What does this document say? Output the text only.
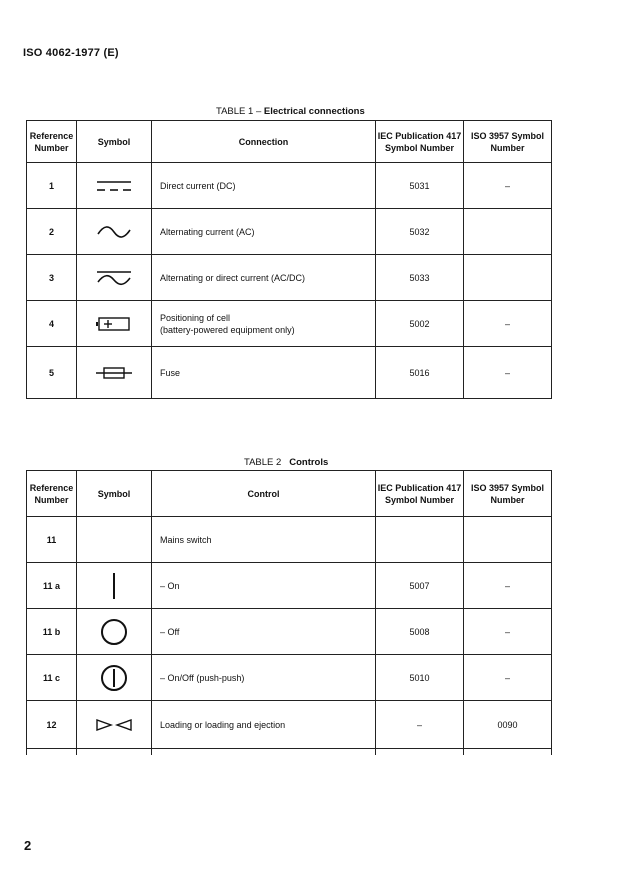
ISO 4062-1977 (E)
TABLE 1 – Electrical connections
Reference Number	Symbol	Connection	IEC Publication 417 Symbol Number	ISO 3957 Symbol Number
1		Direct current (DC)	5031	–
2		Alternating current (AC)	5032	
3		Alternating or direct current (AC/DC)	5033	
4		Positioning of cell
(battery-powered equipment only)	5002	–
5		Fuse	5016	–
TABLE 2   Controls
Reference Number	Symbol	Control	IEC Publication 417 Symbol Number	ISO 3957 Symbol Number
11		Mains switch		
11 a		– On	5007	–
11 b		– Off	5008	–
11 c		– On/Off (push-push)	5010	–
12		Loading or loading and ejection	–	0090

2
